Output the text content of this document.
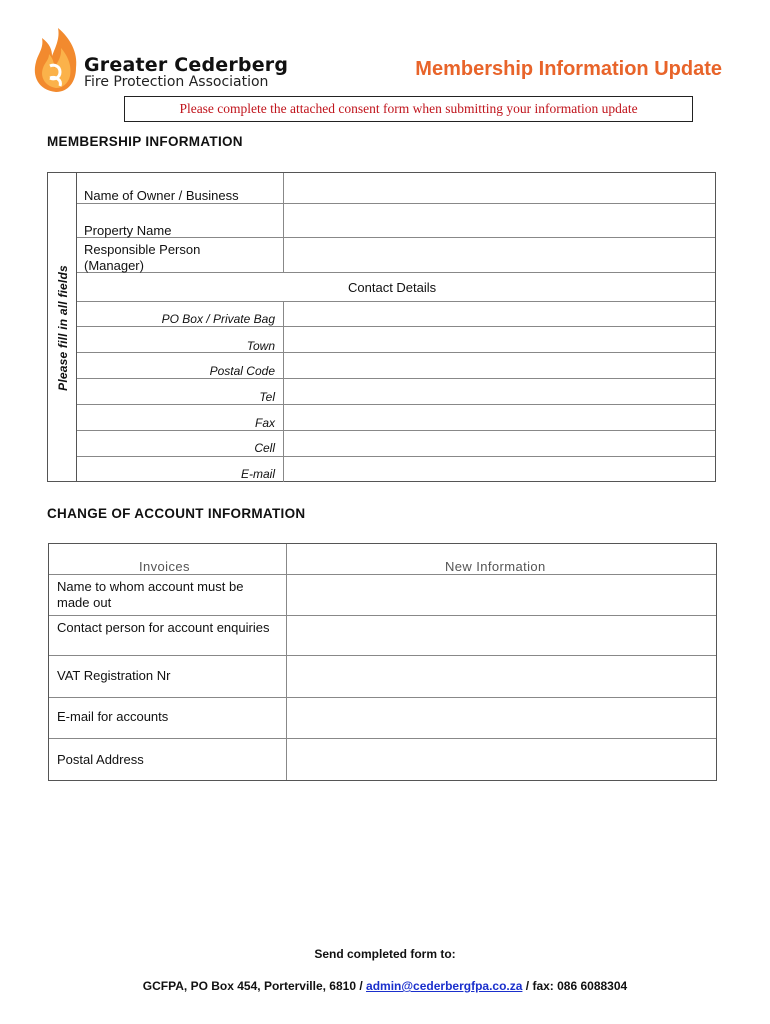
Greater Cederberg
Fire Protection Association
Membership Information Update
Please complete the attached consent form when submitting your information update
MEMBERSHIP INFORMATION
Please fill in all fields
Name of Owner / Business
Property Name
Responsible Person
(Manager)
Contact Details
PO Box / Private Bag
Town
Postal Code
Tel
Fax
Cell
E-mail
CHANGE OF ACCOUNT INFORMATION
Invoices	New Information
Name to whom account must be made out
Contact person for account enquiries
VAT Registration Nr
E-mail for accounts
Postal Address
Send completed form to:
GCFPA, PO Box 454, Porterville, 6810 / admin@cederbergfpa.co.za / fax: 086 6088304
